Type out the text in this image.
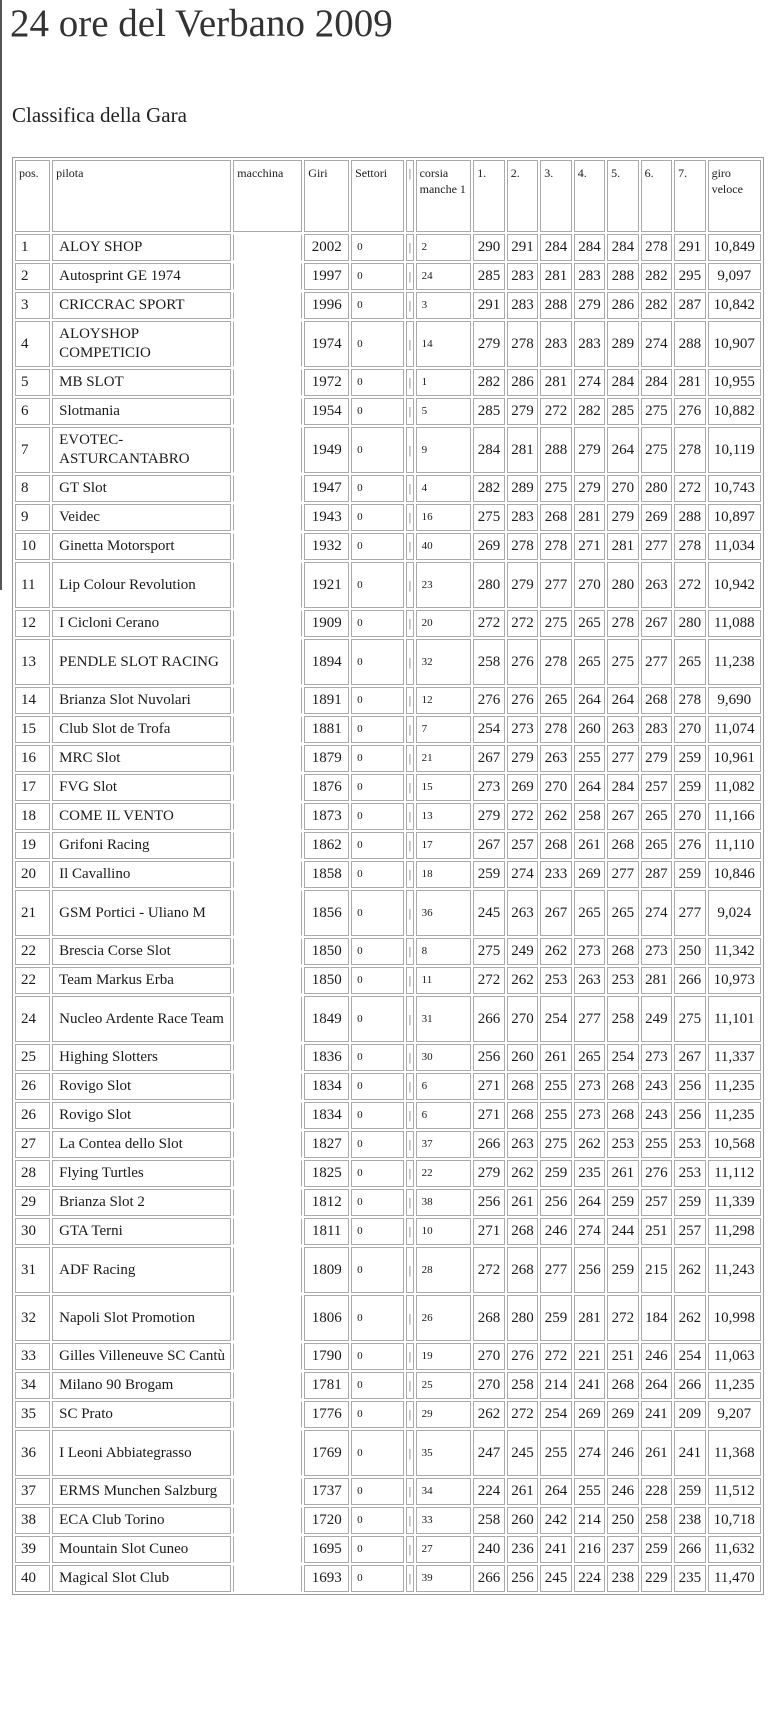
24 ore del Verbano 2009
Classifica della Gara
pos.	pilota	macchina	Giri	Settori	|	corsia manche 1	1.	2.	3.	4.	5.	6.	7.	giro veloce
1	ALOY SHOP		2002	0	|	2	290	291	284	284	284	278	291	10,849
2	Autosprint GE 1974		1997	0	|	24	285	283	281	283	288	282	295	9,097
3	CRICCRAC SPORT		1996	0	|	3	291	283	288	279	286	282	287	10,842
4	ALOYSHOP COMPETICIO		1974	0	|	14	279	278	283	283	289	274	288	10,907
5	MB SLOT		1972	0	|	1	282	286	281	274	284	284	281	10,955
6	Slotmania		1954	0	|	5	285	279	272	282	285	275	276	10,882
7	EVOTEC-ASTURCANTABRO		1949	0	|	9	284	281	288	279	264	275	278	10,119
8	GT Slot		1947	0	|	4	282	289	275	279	270	280	272	10,743
9	Veidec		1943	0	|	16	275	283	268	281	279	269	288	10,897
10	Ginetta Motorsport		1932	0	|	40	269	278	278	271	281	277	278	11,034
11	Lip Colour Revolution		1921	0	|	23	280	279	277	270	280	263	272	10,942
12	I Cicloni Cerano		1909	0	|	20	272	272	275	265	278	267	280	11,088
13	PENDLE SLOT RACING		1894	0	|	32	258	276	278	265	275	277	265	11,238
14	Brianza Slot Nuvolari		1891	0	|	12	276	276	265	264	264	268	278	9,690
15	Club Slot de Trofa		1881	0	|	7	254	273	278	260	263	283	270	11,074
16	MRC Slot		1879	0	|	21	267	279	263	255	277	279	259	10,961
17	FVG Slot		1876	0	|	15	273	269	270	264	284	257	259	11,082
18	COME IL VENTO		1873	0	|	13	279	272	262	258	267	265	270	11,166
19	Grifoni Racing		1862	0	|	17	267	257	268	261	268	265	276	11,110
20	Il Cavallino		1858	0	|	18	259	274	233	269	277	287	259	10,846
21	GSM Portici - Uliano M		1856	0	|	36	245	263	267	265	265	274	277	9,024
22	Brescia Corse Slot		1850	0	|	8	275	249	262	273	268	273	250	11,342
22	Team Markus Erba		1850	0	|	11	272	262	253	263	253	281	266	10,973
24	Nucleo Ardente Race Team		1849	0	|	31	266	270	254	277	258	249	275	11,101
25	Highing Slotters		1836	0	|	30	256	260	261	265	254	273	267	11,337
26	Rovigo Slot		1834	0	|	6	271	268	255	273	268	243	256	11,235
26	Rovigo Slot		1834	0	|	6	271	268	255	273	268	243	256	11,235
27	La Contea dello Slot		1827	0	|	37	266	263	275	262	253	255	253	10,568
28	Flying Turtles		1825	0	|	22	279	262	259	235	261	276	253	11,112
29	Brianza Slot 2		1812	0	|	38	256	261	256	264	259	257	259	11,339
30	GTA Terni		1811	0	|	10	271	268	246	274	244	251	257	11,298
31	ADF Racing		1809	0	|	28	272	268	277	256	259	215	262	11,243
32	Napoli Slot Promotion		1806	0	|	26	268	280	259	281	272	184	262	10,998
33	Gilles Villeneuve SC Cantù		1790	0	|	19	270	276	272	221	251	246	254	11,063
34	Milano 90 Brogam		1781	0	|	25	270	258	214	241	268	264	266	11,235
35	SC Prato		1776	0	|	29	262	272	254	269	269	241	209	9,207
36	I Leoni Abbiategrasso		1769	0	|	35	247	245	255	274	246	261	241	11,368
37	ERMS Munchen Salzburg		1737	0	|	34	224	261	264	255	246	228	259	11,512
38	ECA Club Torino		1720	0	|	33	258	260	242	214	250	258	238	10,718
39	Mountain Slot Cuneo		1695	0	|	27	240	236	241	216	237	259	266	11,632
40	Magical Slot Club		1693	0	|	39	266	256	245	224	238	229	235	11,470
